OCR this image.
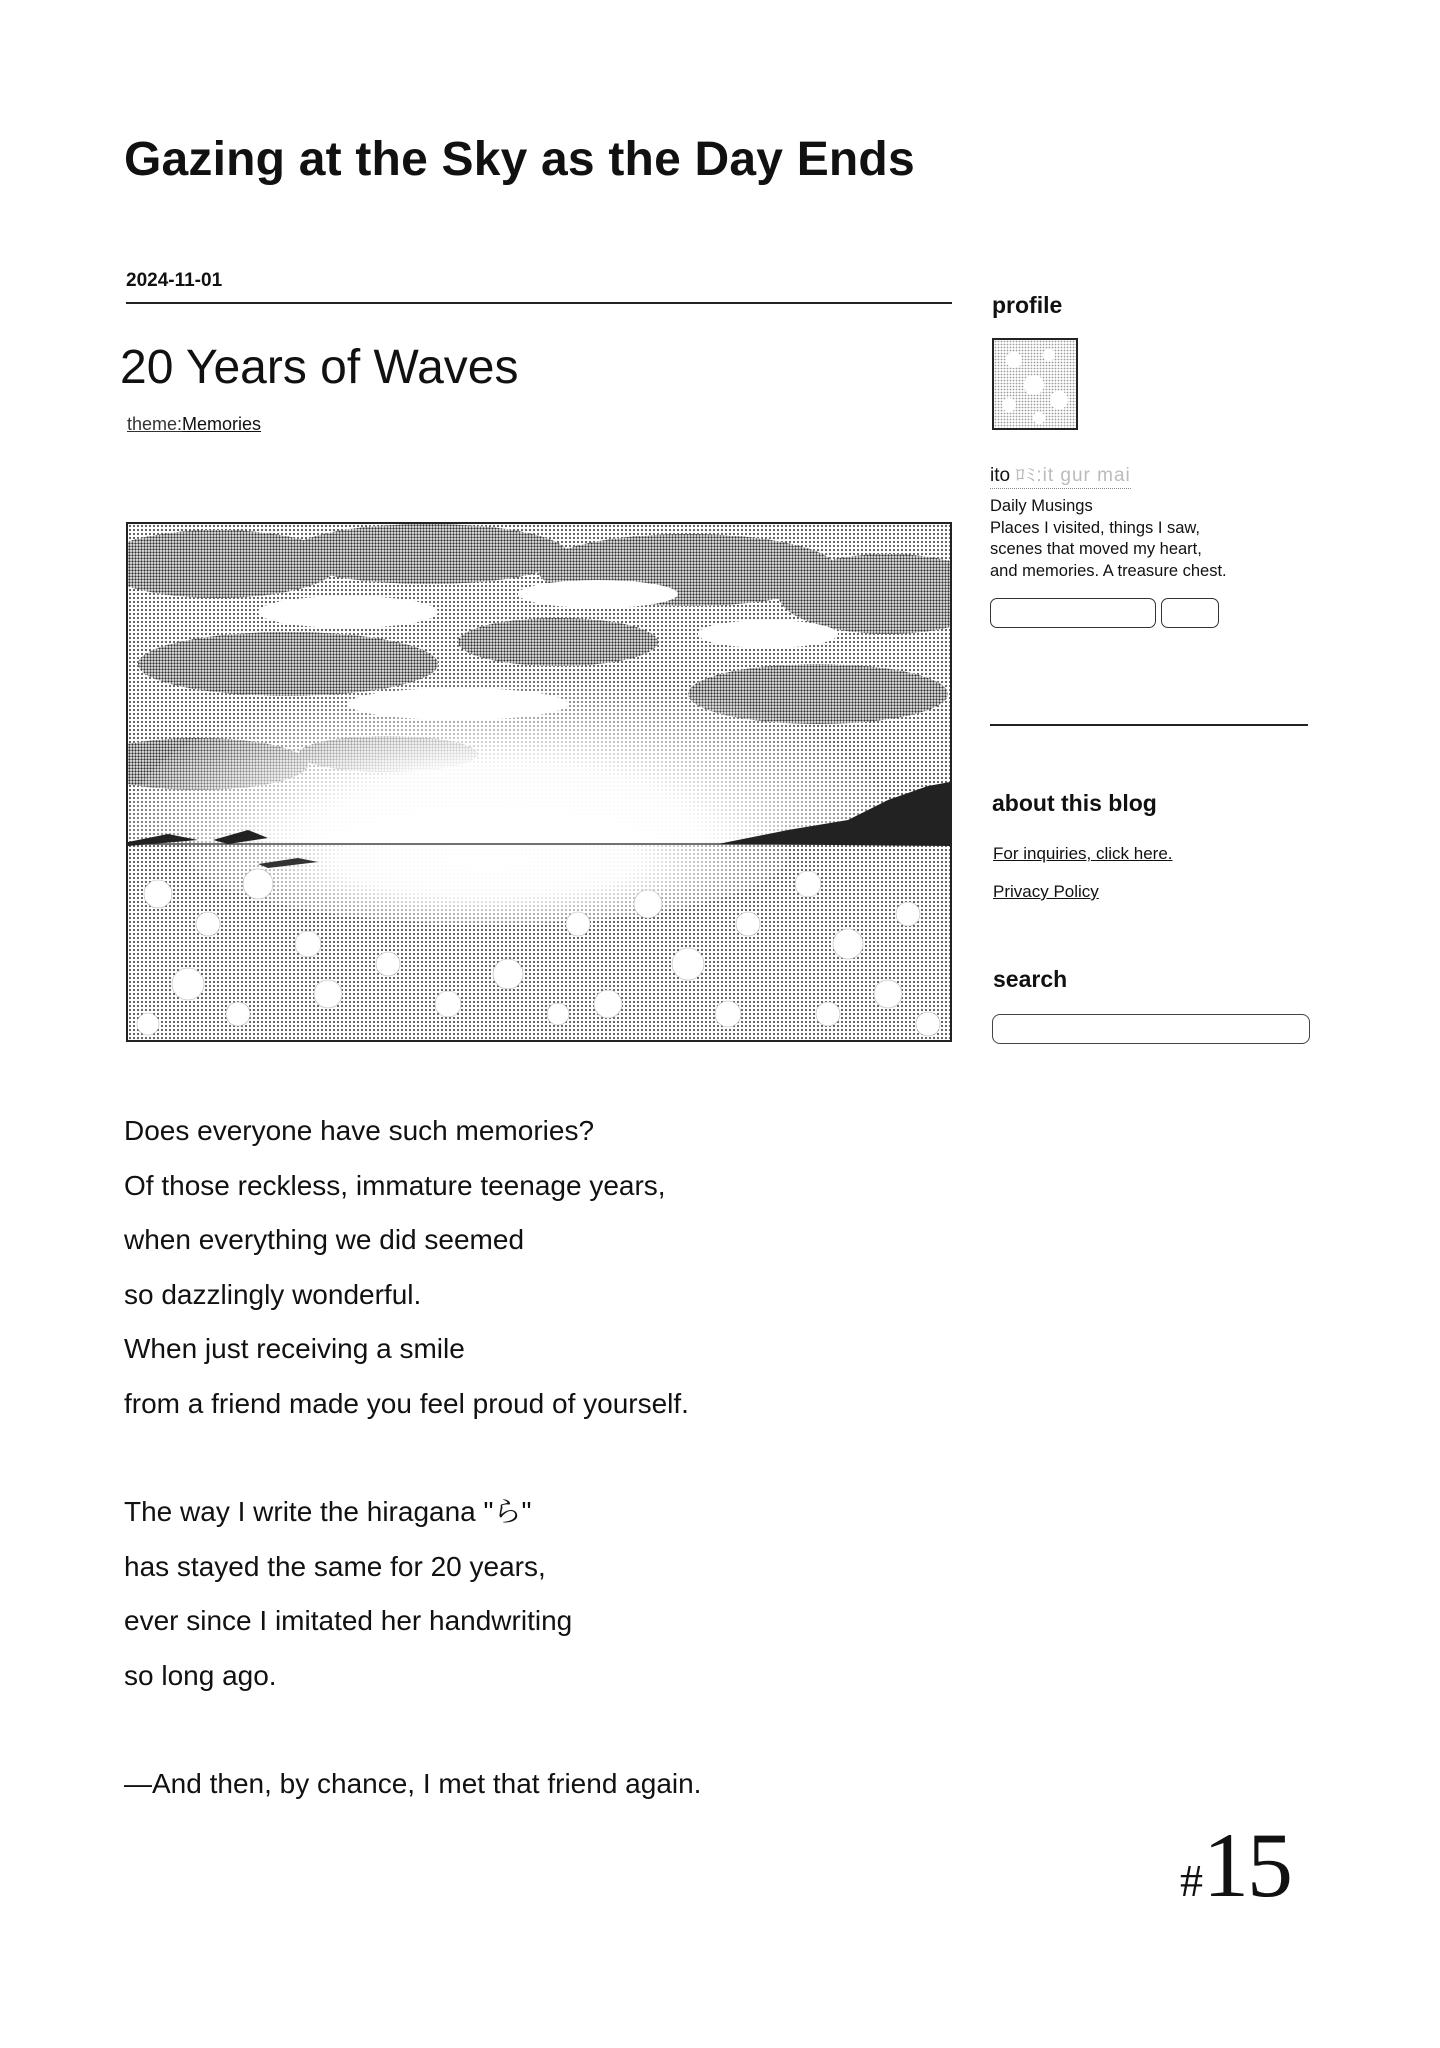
Gazing at the Sky as the Day Ends
2024-11-01
20 Years of Waves
theme:Memories

Does everyone have such memories?

Of those reckless, immature teenage years,

when everything we did seemed

so dazzlingly wonderful.

When just receiving a smile

from a friend made you feel proud of yourself.

The way I write the hiragana "ら"

has stayed the same for 20 years,

ever since I imitated her handwriting

so long ago.

—And then, by chance, I met that friend again.

#15
profile
ito ﾛﾐ:it gur mai
Daily Musings
Places I visited, things I saw,
scenes that moved my heart,
and memories. A treasure chest.
about this blog
For inquiries, click here.
Privacy Policy
search
